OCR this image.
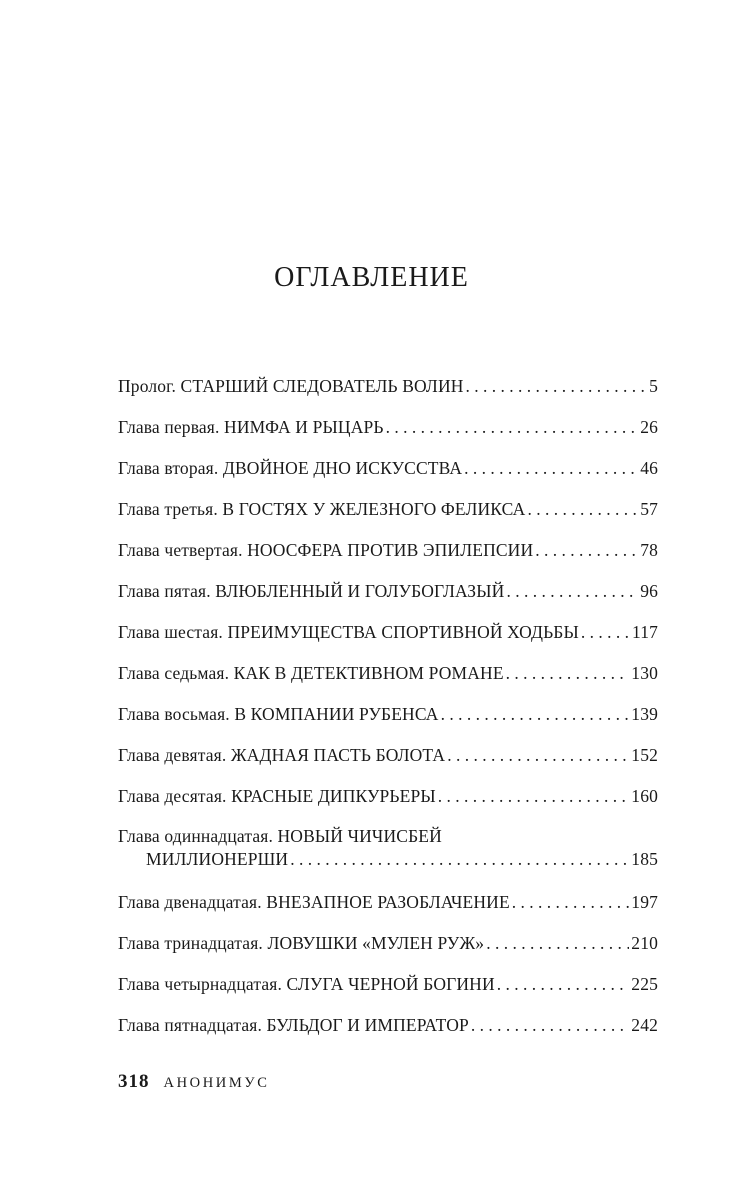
ОГЛАВЛЕНИЕ
Пролог. СТАРШИЙ СЛЕДОВАТЕЛЬ ВОЛИН . . .	5
Глава первая. НИМФА И РЫЦАРЬ . . .	26
Глава вторая. ДВОЙНОЕ ДНО ИСКУССТВА . . .	46
Глава третья. В ГОСТЯХ У ЖЕЛЕЗНОГО ФЕЛИКСА . . .	57
Глава четвертая. НООСФЕРА ПРОТИВ ЭПИЛЕПСИИ . . .	78
Глава пятая. ВЛЮБЛЕННЫЙ И ГОЛУБОГЛАЗЫЙ . . .	96
Глава шестая. ПРЕИМУЩЕСТВА СПОРТИВНОЙ ХОДЬБЫ . . .	117
Глава седьмая. КАК В ДЕТЕКТИВНОМ РОМАНЕ . . .	130
Глава восьмая. В КОМПАНИИ РУБЕНСА . . .	139
Глава девятая. ЖАДНАЯ ПАСТЬ БОЛОТА . . .	152
Глава десятая. КРАСНЫЕ ДИПКУРЬЕРЫ . . .	160
Глава одиннадцатая. НОВЫЙ ЧИЧИСБЕЙ
МИЛЛИОНЕРШИ . . .	185
Глава двенадцатая. ВНЕЗАПНОЕ РАЗОБЛАЧЕНИЕ . . .	197
Глава тринадцатая. ЛОВУШКИ «МУЛЕН РУЖ» . . .	210
Глава четырнадцатая. СЛУГА ЧЕРНОЙ БОГИНИ . . .	225
Глава пятнадцатая. БУЛЬДОГ И ИМПЕРАТОР . . .	242
318 АНОНИМУС
